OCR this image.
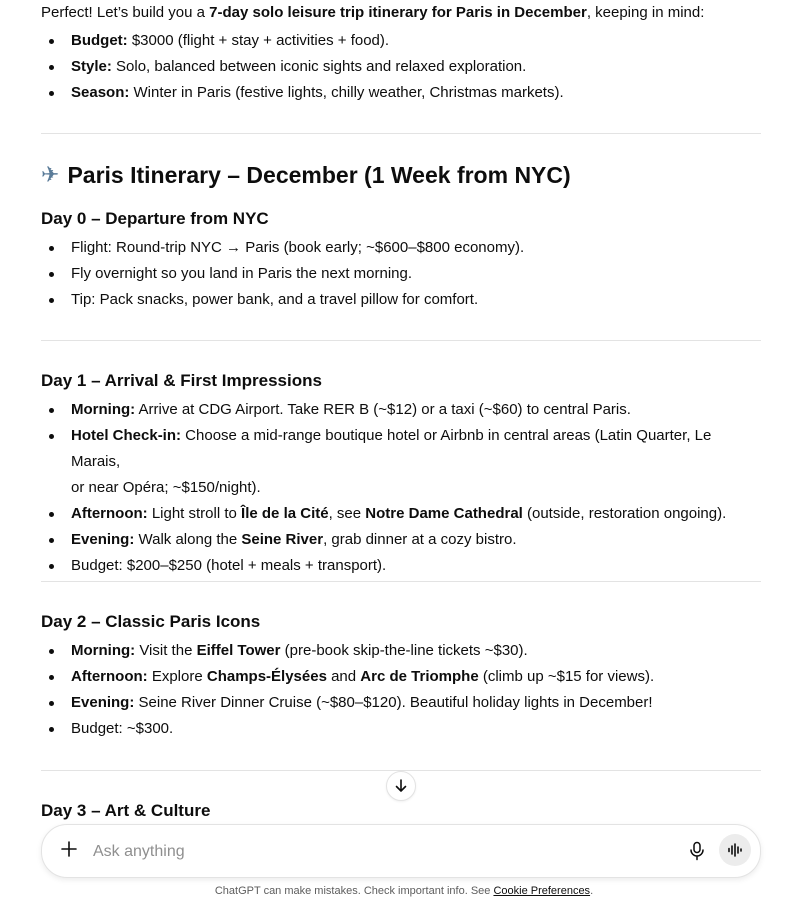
Perfect! Let’s build you a 7-day solo leisure trip itinerary for Paris in December, keeping in mind:

Budget: $3000 (flight + stay + activities + food).
Style: Solo, balanced between iconic sights and relaxed exploration.
Season: Winter in Paris (festive lights, chilly weather, Christmas markets).
✈ Paris Itinerary – December (1 Week from NYC)
Day 0 – Departure from NYC
Flight: Round-trip NYC → Paris (book early; ~$600–$800 economy).
Fly overnight so you land in Paris the next morning.
Tip: Pack snacks, power bank, and a travel pillow for comfort.
Day 1 – Arrival & First Impressions
Morning: Arrive at CDG Airport. Take RER B (~$12) or a taxi (~$60) to central Paris.
Hotel Check-in: Choose a mid-range boutique hotel or Airbnb in central areas (Latin Quarter, Le Marais,
or near Opéra; ~$150/night).
Afternoon: Light stroll to Île de la Cité, see Notre Dame Cathedral (outside, restoration ongoing).
Evening: Walk along the Seine River, grab dinner at a cozy bistro.
Budget: $200–$250 (hotel + meals + transport).
Day 2 – Classic Paris Icons
Morning: Visit the Eiffel Tower (pre-book skip-the-line tickets ~$30).
Afternoon: Explore Champs-Élysées and Arc de Triomphe (climb up ~$15 for views).
Evening: Seine River Dinner Cruise (~$80–$120). Beautiful holiday lights in December!
Budget: ~$300.
Day 3 – Art & Culture
Ask anything
ChatGPT can make mistakes. Check important info. See Cookie Preferences.
